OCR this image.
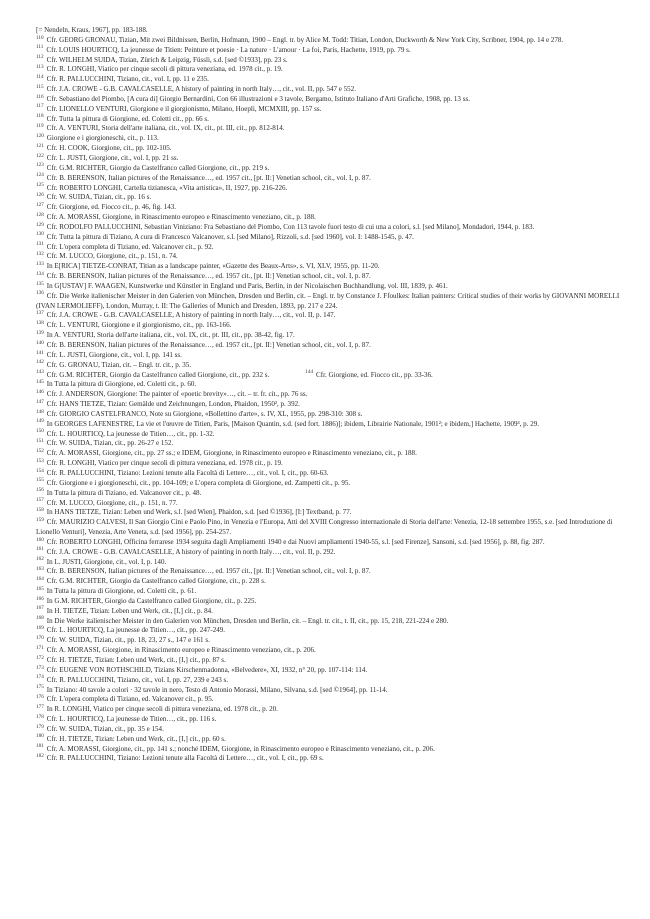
[= Nendeln, Kraus, 1967], pp. 183-188.

$^{110}$ Cfr. GEORG GRONAU, Tizian, Mit zwei Bildnissen, Berlin, Hofmann, 1900 – Engl. tr. by Alice M. Todd: Titian, London, Duckworth & New York City, Scribner, 1904, pp. 14 e 278.

$^{111}$ Cfr. LOUIS HOURTICQ, La jeunesse de Titien: Peinture et poesie · La nature · L'amour · La foi, Paris, Hachette, 1919, pp. 79 s.

$^{112}$ Cfr. WILHELM SUIDA, Tizian, Zürich & Leipzig, Füssli, s.d. [sed ©1933], pp. 23 s.

$^{113}$ Cfr. R. LONGHI, Viatico per cinque secoli di pittura veneziana, ed. 1978 cit., p. 19.

$^{114}$ Cfr. R. PALLUCCHINI, Tiziano, cit., vol. I, pp. 11 e 235.

$^{115}$ Cfr. J.A. CROWE - G.B. CAVALCASELLE, A history of painting in north Italy…, cit., vol. II, pp. 547 e 552.

$^{116}$ Cfr. Sebastiano del Piombo, [A cura di] Giorgio Bernardini, Con 66 illustrazioni e 3 tavole, Bergamo, Istituto Italiano d'Arti Grafiche, 1908, pp. 13 ss.

$^{117}$ Cfr. LIONELLO VENTURI, Giorgione e il giorgionismo, Milano, Hoepli, MCMXIII, pp. 157 ss.

$^{118}$ Cfr. Tutta la pittura di Giorgione, ed. Coletti cit., pp. 66 s.

$^{119}$ Cfr. A. VENTURI, Storia dell'arte italiana, cit., vol. IX, cit., pt. III, cit., pp. 812-814.

$^{120}$ Giorgione e i giorgioneschi, cit., p. 113.

$^{121}$ Cfr. H. COOK, Giorgione, cit., pp. 102-105.

$^{122}$ Cfr. L. JUSTI, Giorgione, cit., vol. I, pp. 21 ss.

$^{123}$ Cfr. G.M. RICHTER, Giorgio da Castelfranco called Giorgione, cit., pp. 219 s.

$^{124}$ Cfr. B. BERENSON, Italian pictures of the Renaissance…, ed. 1957 cit., [pt. II:] Venetian school, cit., vol. I, p. 87.

$^{125}$ Cfr. ROBERTO LONGHI, Cartella tizianesca, «Vita artistica», II, 1927, pp. 216-226.

$^{126}$ Cfr. W. SUIDA, Tizian, cit., pp. 16 s.

$^{127}$ Cfr. Giorgione, ed. Fiocco cit., p. 46, fig. 143.

$^{128}$ Cfr. A. MORASSI, Giorgione, in Rinascimento europeo e Rinascimento veneziano, cit., p. 188.

$^{129}$ Cfr. RODOLFO PALLUCCHINI, Sebastian Viniziano: Fra Sebastiano del Piombo, Con 113 tavole fuori testo di cui una a colori, s.l. [sed Milano], Mondadori, 1944, p. 183.

$^{130}$ Cfr. Tutta la pittura di Tiziano, A cura di Francesco Valcanover, s.l. [sed Milano], Rizzoli, s.d. [sed 1960], vol. I: 1488-1545, p. 47.

$^{131}$ Cfr. L'opera completa di Tiziano, ed. Valcanover cit., p. 92.

$^{132}$ Cfr. M. LUCCO, Giorgione, cit., p. 151, n. 74.

$^{133}$ In E[RICA] TIETZE-CONRAT, Titian as a landscape painter, «Gazette des Beaux-Arts», s. VI, XLV, 1955, pp. 11-20.

$^{134}$ Cfr. B. BERENSON, Italian pictures of the Renaissance…, ed. 1957 cit., [pt. II:] Venetian school, cit., vol. I, p. 87.

$^{135}$ In G[USTAV] F. WAAGEN, Kunstwerke und Künstler in England und Paris, Berlin, in der Nicolaischen Buchhandlung, vol. III, 1839, p. 461.

$^{136}$ Cfr. Die Werke italienischer Meister in den Galerien von München, Dresden und Berlin, cit. – Engl. tr. by Constance J. Ffoulkes: Italian painters: Critical studies of their works by GIOVANNI MORELLI (IVAN LERMOLIEFF), London, Murray, t. II: The Galleries of Munich and Dresden, 1893, pp. 217 e 224.

$^{137}$ Cfr. J.A. CROWE - G.B. CAVALCASELLE, A history of painting in north Italy…, cit., vol. II, p. 147.

$^{138}$ Cfr. L. VENTURI, Giorgione e il giorgionismo, cit., pp. 163-166.

$^{139}$ In A. VENTURI, Storia dell'arte italiana, cit., vol. IX, cit., pt. III, cit., pp. 38-42, fig. 17.

$^{140}$ Cfr. B. BERENSON, Italian pictures of the Renaissance…, ed. 1957 cit., [pt. II:] Venetian school, cit., vol. I, p. 87.

$^{141}$ Cfr. L. JUSTI, Giorgione, cit., vol. I, pp. 141 ss.

$^{142}$ Cfr. G. GRONAU, Tizian, cit. – Engl. tr. cit., p. 35.

$^{143}$ Cfr. G.M. RICHTER, Giorgio da Castelfranco called Giorgione, cit., pp. 232 s.	$^{144}$ Cfr. Giorgione, ed. Fiocco cit., pp. 33-36.

$^{145}$ In Tutta la pittura di Giorgione, ed. Coletti cit., p. 60.

$^{146}$ Cfr. J. ANDERSON, Giorgione: The painter of «poetic brevity»…, cit. – tr. fr. cit., pp. 76 ss.

$^{147}$ Cfr. HANS TIETZE, Tizian: Gemälde und Zeichnungen, London, Phaidon, 1950², p. 392.

$^{148}$ Cfr. GIORGIO CASTELFRANCO, Note su Giorgione, «Bollettino d'arte», s. IV, XL, 1955, pp. 298-310: 308 s.

$^{149}$ In GEORGES LAFENESTRE, La vie et l'œuvre de Titien, Paris, [Maison Quantin, s.d. (sed fort. 1886)]; ibidem, Librairie Nationale, 1901²; e ibidem,] Hachette, 1909³, p. 29.

$^{150}$ Cfr. L. HOURTICQ, La jeunesse de Titien…, cit., pp. 1-32.

$^{151}$ Cfr. W. SUIDA, Tizian, cit., pp. 26-27 e 152.

$^{152}$ Cfr. A. MORASSI, Giorgione, cit., pp. 27 ss.; e IDEM, Giorgione, in Rinascimento europeo e Rinascimento veneziano, cit., p. 188.

$^{153}$ Cfr. R. LONGHI, Viatico per cinque secoli di pittura veneziana, ed. 1978 cit., p. 19.

$^{154}$ Cfr. R. PALLUCCHINI, Tiziano: Lezioni tenute alla Facoltà di Lettere…, cit., vol. I, cit., pp. 60-63.

$^{155}$ Cfr. Giorgione e i giorgioneschi, cit., pp. 104-109; e L'opera completa di Giorgione, ed. Zampetti cit., p. 95.

$^{156}$ In Tutta la pittura di Tiziano, ed. Valcanover cit., p. 48.

$^{157}$ Cfr. M. LUCCO, Giorgione, cit., p. 151, n. 77.

$^{158}$ In HANS TIETZE, Tizian: Leben und Werk, s.l. [sed Wien], Phaidon, s.d. [sed ©1936], [I:] Textband, p. 77.

$^{159}$ Cfr. MAURIZIO CALVESI, Il San Giorgio Cini e Paolo Pino, in Venezia e l'Europa, Atti del XVIII Congresso internazionale di Storia dell'arte: Venezia, 12-18 settembre 1955, s.e. [sed Introduzione di Lionello Venturi], Venezia, Arte Veneta, s.d. [sed 1956], pp. 254-257.

$^{160}$ Cfr. ROBERTO LONGHI, Officina ferrarese 1934 seguita dagli Ampliamenti 1940 e dai Nuovi ampliamenti 1940-55, s.l. [sed Firenze], Sansoni, s.d. [sed 1956], p. 88, fig. 287.

$^{161}$ Cfr. J.A. CROWE - G.B. CAVALCASELLE, A history of painting in north Italy…, cit., vol. II, p. 292.

$^{162}$ In L. JUSTI, Giorgione, cit., vol. I, p. 140.

$^{163}$ Cfr. B. BERENSON, Italian pictures of the Renaissance…, ed. 1957 cit., [pt. II:] Venetian school, cit., vol. I, p. 87.

$^{164}$ Cfr. G.M. RICHTER, Giorgio da Castelfranco called Giorgione, cit., p. 228 s.

$^{165}$ In Tutta la pittura di Giorgione, ed. Coletti cit., p. 61.

$^{166}$ In G.M. RICHTER, Giorgio da Castelfranco called Giorgione, cit., p. 225.

$^{167}$ In H. TIETZE, Tizian: Leben und Werk, cit., [I,] cit., p. 84.

$^{168}$ In Die Werke italienischer Meister in den Galerien von München, Dresden und Berlin, cit. – Engl. tr. cit., t. II, cit., pp. 15, 218, 221-224 e 280.

$^{169}$ Cfr. L. HOURTICQ, La jeunesse de Titien…, cit., pp. 247-249.

$^{170}$ Cfr. W. SUIDA, Tizian, cit., pp. 18, 23, 27 s., 147 e 161 s.

$^{171}$ Cfr. A. MORASSI, Giorgione, in Rinascimento europeo e Rinascimento veneziano, cit., p. 206.

$^{172}$ Cfr. H. TIETZE, Tizian: Leben und Werk, cit., [I,] cit., pp. 87 s.

$^{173}$ Cfr. EUGENE VON ROTHSCHILD, Tizians Kirschenmadonna, «Belvedere», XI, 1932, n° 20, pp. 107-114: 114.

$^{174}$ Cfr. R. PALLUCCHINI, Tiziano, cit., vol. I, pp. 27, 239 e 243 s.

$^{175}$ In Tiziano: 40 tavole a colori · 32 tavole in nero, Testo di Antonio Morassi, Milano, Silvana, s.d. [sed ©1964], pp. 11-14.

$^{176}$ Cfr. L'opera completa di Tiziano, ed. Valcanover cit., p. 95.

$^{177}$ In R. LONGHI, Viatico per cinque secoli di pittura veneziana, ed. 1978 cit., p. 20.

$^{178}$ Cfr. L. HOURTICQ, La jeunesse de Titien…, cit., pp. 116 s.

$^{179}$ Cfr. W. SUIDA, Tizian, cit., pp. 35 e 154.

$^{180}$ Cfr. H. TIETZE, Tizian: Leben und Werk, cit., [I,] cit., pp. 60 s.

$^{181}$ Cfr. A. MORASSI, Giorgione, cit., pp. 141 s.; nonché IDEM, Giorgione, in Rinascimento europeo e Rinascimento veneziano, cit., p. 206.

$^{182}$ Cfr. R. PALLUCCHINI, Tiziano: Lezioni tenute alla Facoltà di Lettere…, cit., vol. I, cit., pp. 69 s.
